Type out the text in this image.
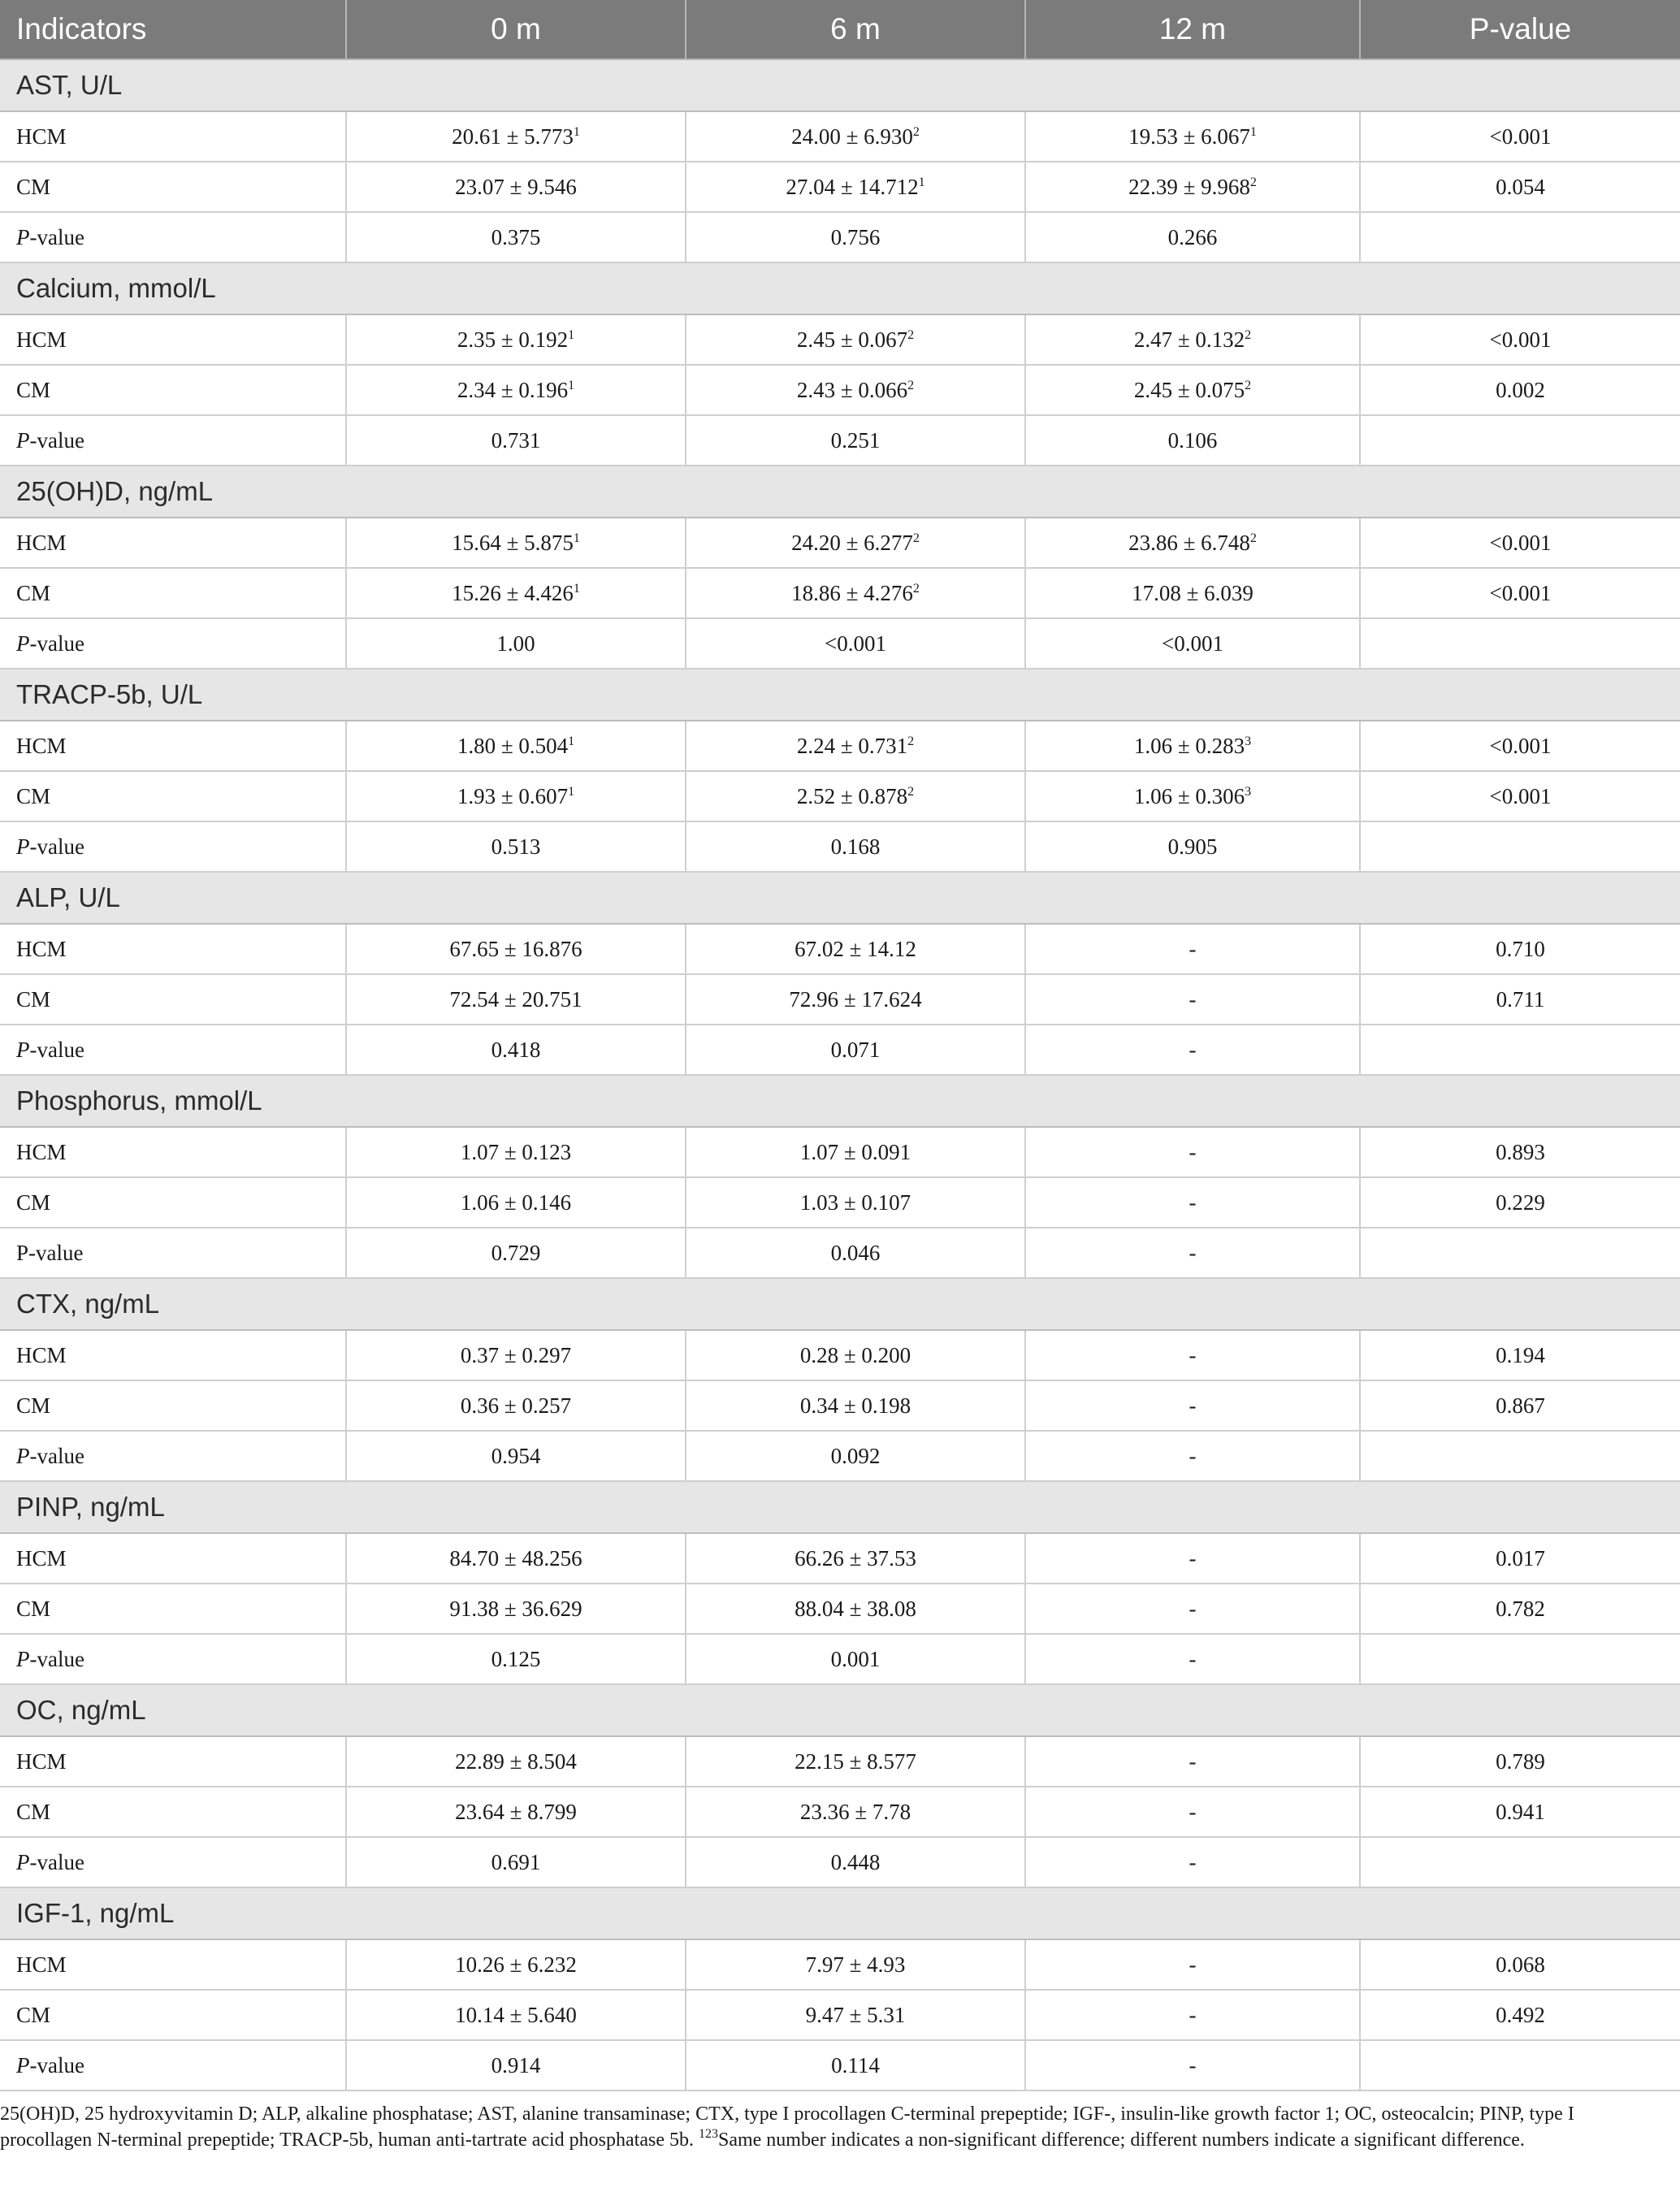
Indicators	0 m	6 m	12 m	P-value
AST, U/L				
HCM	$20.61 \pm 5.773^1$	$24.00 \pm 6.930^2$	$19.53 \pm 6.067^1$	<0.001
CM	23.07 ± 9.546	$27.04 \pm 14.712^1$	$22.39 \pm 9.968^2$	0.054
P-value	0.375	0.756	0.266	
Calcium, mmol/L				
HCM	$2.35 \pm 0.192^1$	$2.45 \pm 0.067^2$	$2.47 \pm 0.132^2$	<0.001
CM	$2.34 \pm 0.196^1$	$2.43 \pm 0.066^2$	$2.45 \pm 0.075^2$	0.002
P-value	0.731	0.251	0.106	
25(OH)D, ng/mL				
HCM	$15.64 \pm 5.875^1$	$24.20 \pm 6.277^2$	$23.86 \pm 6.748^2$	<0.001
CM	$15.26 \pm 4.426^1$	$18.86 \pm 4.276^2$	17.08 ± 6.039	<0.001
P-value	1.00	<0.001	<0.001	
TRACP-5b, U/L				
HCM	$1.80 \pm 0.504^1$	$2.24 \pm 0.731^2$	$1.06 \pm 0.283^3$	<0.001
CM	$1.93 \pm 0.607^1$	$2.52 \pm 0.878^2$	$1.06 \pm 0.306^3$	<0.001
P-value	0.513	0.168	0.905	
ALP, U/L				
HCM	67.65 ± 16.876	67.02 ± 14.12	-	0.710
CM	72.54 ± 20.751	72.96 ± 17.624	-	0.711
P-value	0.418	0.071	-	
Phosphorus, mmol/L				
HCM	1.07 ± 0.123	1.07 ± 0.091	-	0.893
CM	1.06 ± 0.146	1.03 ± 0.107	-	0.229
P-value	0.729	0.046	-	
CTX, ng/mL				
HCM	0.37 ± 0.297	0.28 ± 0.200	-	0.194
CM	0.36 ± 0.257	0.34 ± 0.198	-	0.867
P-value	0.954	0.092	-	
PINP, ng/mL				
HCM	84.70 ± 48.256	66.26 ± 37.53	-	0.017
CM	91.38 ± 36.629	88.04 ± 38.08	-	0.782
P-value	0.125	0.001	-	
OC, ng/mL				
HCM	22.89 ± 8.504	22.15 ± 8.577	-	0.789
CM	23.64 ± 8.799	23.36 ± 7.78	-	0.941
P-value	0.691	0.448	-	
IGF-1, ng/mL				
HCM	10.26 ± 6.232	7.97 ± 4.93	-	0.068
CM	10.14 ± 5.640	9.47 ± 5.31	-	0.492
P-value	0.914	0.114	-	
25(OH)D, 25 hydroxyvitamin D; ALP, alkaline phosphatase; AST, alanine transaminase; CTX, type I procollagen C-terminal prepeptide; IGF-, insulin-like growth factor 1; OC, osteocalcin; PINP, type I procollagen N-terminal prepeptide; TRACP-5b, human anti-tartrate acid phosphatase 5b. $^{123}$Same number indicates a non-significant difference; different numbers indicate a significant difference.
